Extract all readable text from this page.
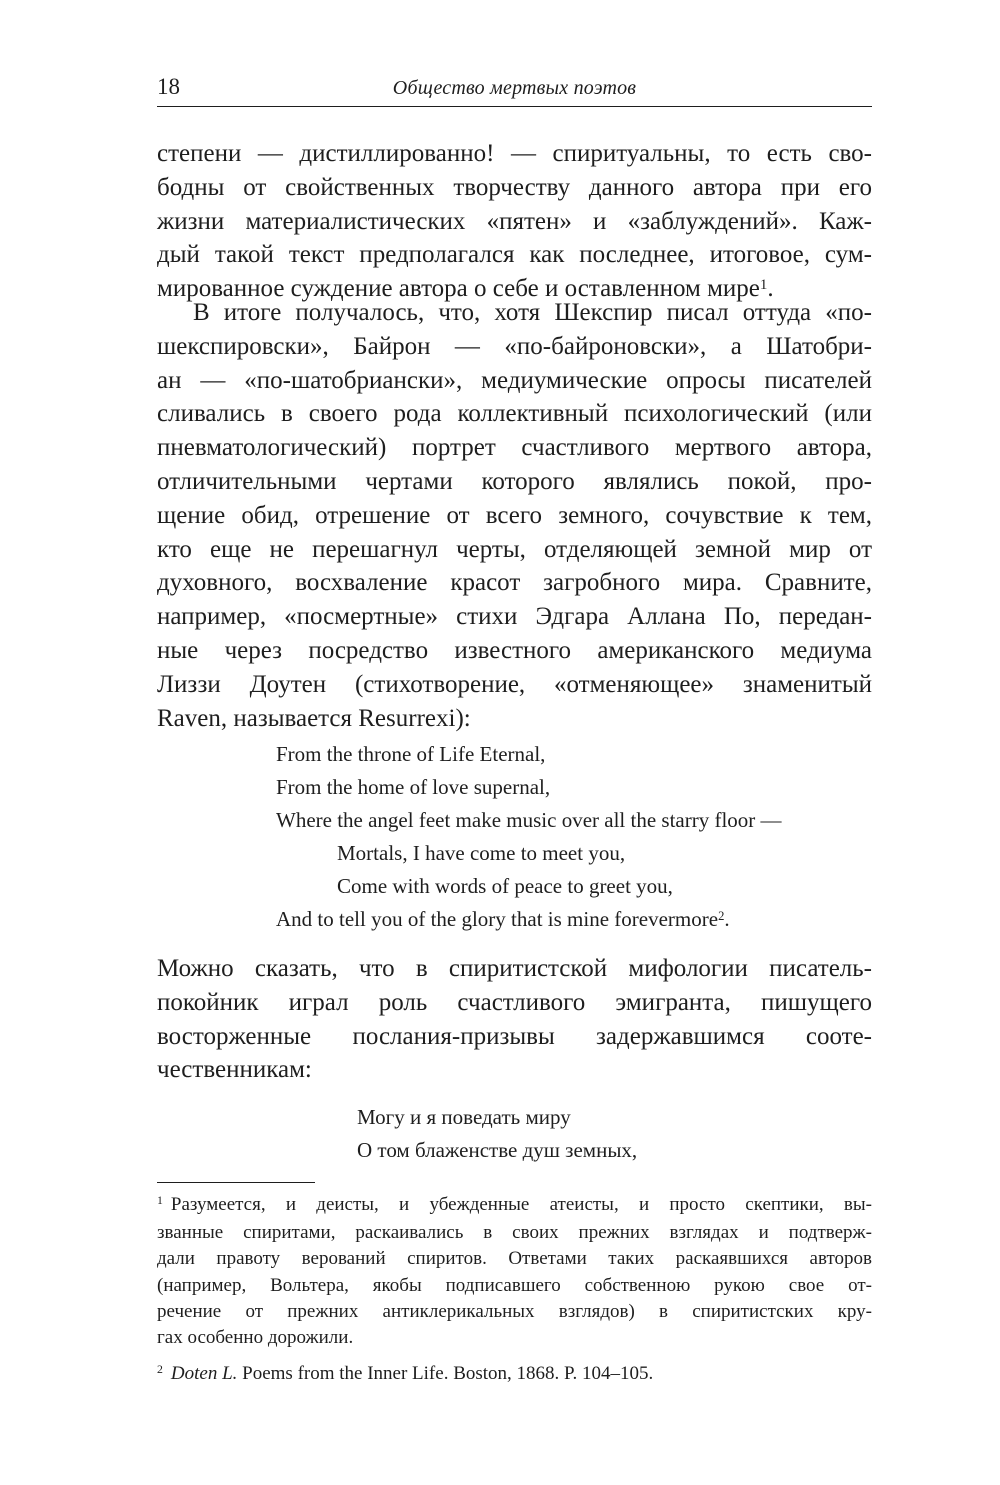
18	Общество мертвых поэтов
степени — дистиллированно! — спиритуальны, то есть сво-
бодны от свойственных творчеству данного автора при его
жизни материалистических «пятен» и «заблуждений». Каж-
дый такой текст предполагался как последнее, итоговое, сум-
мированное суждение автора о себе и оставленном мире$^1$.
В итоге получалось, что, хотя Шекспир писал оттуда «по-
шекспировски», Байрон — «по-байроновски», а Шатобри-
ан — «по-шатобриански», медиумические опросы писателей
сливались в своего рода коллективный психологический (или
пневматологический) портрет счастливого мертвого автора,
отличительными чертами которого являлись покой, про-
щение обид, отрешение от всего земного, сочувствие к тем,
кто еще не перешагнул черты, отделяющей земной мир от
духовного, восхваление красот загробного мира. Сравните,
например, «посмертные» стихи Эдгара Аллана По, передан-
ные через посредство известного американского медиума
Лиззи Доутен (стихотворение, «отменяющее» знаменитый
Raven, называется Resurrexi):
From the throne of Life Eternal,
From the home of love supernal,
Where the angel feet make music over all the starry floor —
Mortals, I have come to meet you,
Come with words of peace to greet you,
And to tell you of the glory that is mine forevermore$^2$.
Можно сказать, что в спиритистской мифологии писатель-
покойник играл роль счастливого эмигранта, пишущего
восторженные послания-призывы задержавшимся соотe-
чественникам:
Могу и я поведать миру
О том блаженстве душ земных,
$^1$ Разумеется, и деисты, и убежденные атеисты, и просто скептики, вы-
званные спиритами, раскаивались в своих прежних взглядах и подтверж-
дали правоту верований спиритов. Ответами таких раскаявшихся авторов
(например, Вольтера, якобы подписавшего собственною рукою свое от-
речение от прежних антиклерикальных взглядов) в спиритистских кру-
гах особенно дорожили.
$^2$ Doten L. Poems from the Inner Life. Boston, 1868. P. 104–105.
